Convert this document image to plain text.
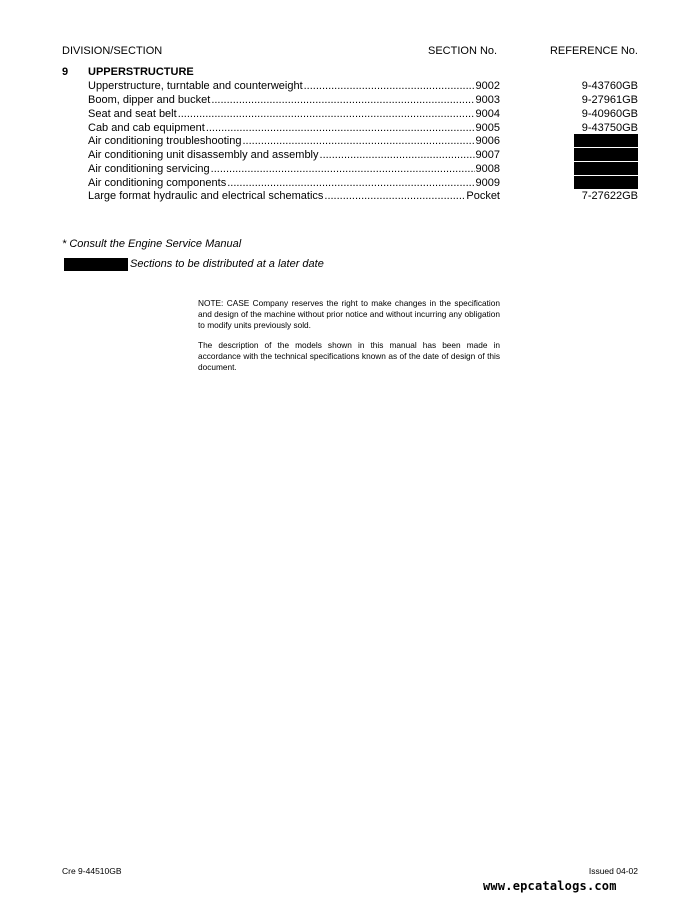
DIVISION/SECTION	SECTION No.	REFERENCE No.
9 UPPERSTRUCTURE
Upperstructure, turntable and counterweight .....	9002	9-43760GB
Boom, dipper and bucket .....	9003	9-27961GB
Seat and seat belt .....	9004	9-40960GB
Cab and cab equipment .....	9005	9-43750GB
Air conditioning troubleshooting .....	9006
Air conditioning unit disassembly and assembly .....	9007
Air conditioning servicing .....	9008
Air conditioning components .....	9009
Large format hydraulic and electrical schematics .....	Pocket	7-27622GB
* Consult the Engine Service Manual
Sections to be distributed at a later date
NOTE: CASE Company reserves the right to make changes in the specification and design of the machine without prior notice and without incurring any obligation to modify units previously sold.
The description of the models shown in this manual has been made in accordance with the technical specifications known as of the date of design of this document.
Cre 9-44510GB	Issued 04-02
www.epcatalogs.com
